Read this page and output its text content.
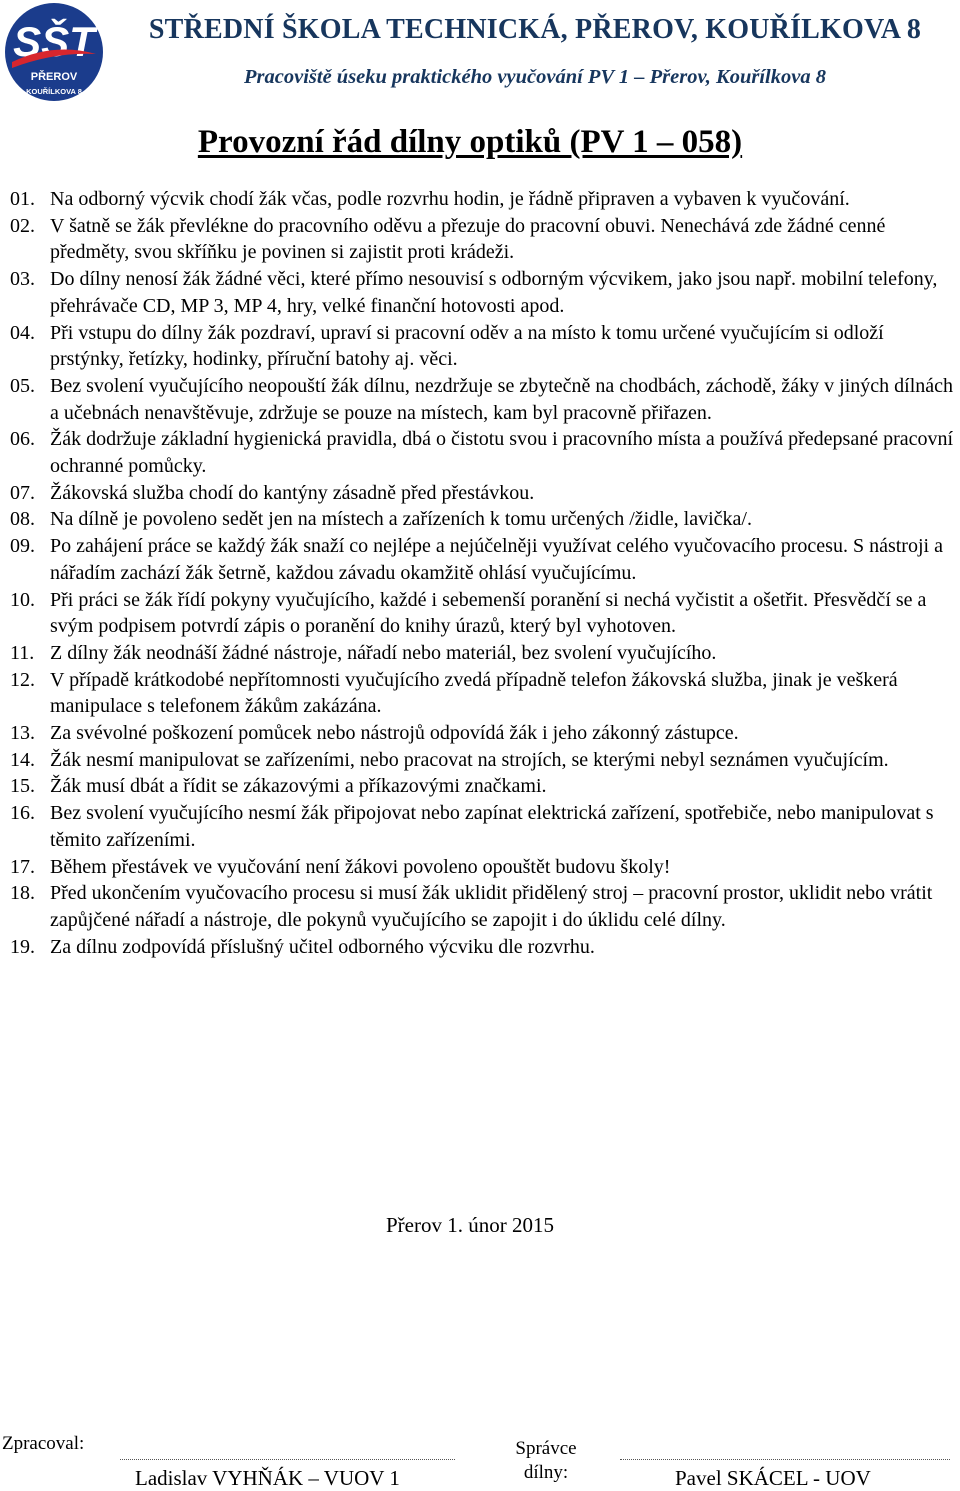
SŠT
PŘEROV
KOUŘÍLKOVA 8
STŘEDNÍ ŠKOLA TECHNICKÁ, PŘEROV, KOUŘÍLKOVA 8

Pracoviště úseku praktického vyučování PV 1 – Přerov, Kouřílkova 8

Provozní řád dílny optiků (PV 1 – 058)
01. Na odborný výcvik chodí žák včas, podle rozvrhu hodin, je řádně připraven a vybaven k vyučování.
02. V šatně se žák převlékne do pracovního oděvu a přezuje do pracovní obuvi. Nenechává zde žádné cenné předměty, svou skříňku je povinen si zajistit proti krádeži.
03. Do dílny nenosí žák žádné věci, které přímo nesouvisí s odborným výcvikem, jako jsou např. mobilní telefony, přehrávače CD, MP 3, MP 4, hry, velké finanční hotovosti apod.
04. Při vstupu do dílny žák pozdraví, upraví si pracovní oděv a na místo k tomu určené vyučujícím si odloží prstýnky, řetízky, hodinky, příruční batohy aj. věci.
05. Bez svolení vyučujícího neopouští žák dílnu, nezdržuje se zbytečně na chodbách, záchodě, žáky v jiných dílnách a učebnách nenavštěvuje, zdržuje se pouze na místech, kam byl pracovně přiřazen.
06. Žák dodržuje základní hygienická pravidla, dbá o čistotu svou i pracovního místa a používá předepsané pracovní ochranné pomůcky.
07. Žákovská služba chodí do kantýny zásadně před přestávkou.
08. Na dílně je povoleno sedět jen na místech a zařízeních k tomu určených /židle, lavička/.
09. Po zahájení práce se každý žák snaží co nejlépe a nejúčelněji využívat celého vyučovacího procesu. S nástroji a nářadím zachází žák šetrně, každou závadu okamžitě ohlásí vyučujícímu.
10. Při práci se žák řídí pokyny vyučujícího, každé i sebemenší poranění si nechá vyčistit a ošetřit. Přesvědčí se a svým podpisem potvrdí zápis o poranění do knihy úrazů, který byl vyhotoven.
11. Z dílny žák neodnáší žádné nástroje, nářadí nebo materiál, bez svolení vyučujícího.
12. V případě krátkodobé nepřítomnosti vyučujícího zvedá případně telefon žákovská služba, jinak je veškerá manipulace s telefonem žákům zakázána.
13. Za svévolné poškození pomůcek nebo nástrojů odpovídá žák i jeho zákonný zástupce.
14. Žák nesmí manipulovat se zařízeními, nebo pracovat na strojích, se kterými nebyl seznámen vyučujícím.
15. Žák musí dbát a řídit se zákazovými a příkazovými značkami.
16. Bez svolení vyučujícího nesmí žák připojovat nebo zapínat elektrická zařízení, spotřebiče, nebo manipulovat s těmito zařízeními.
17. Během přestávek ve vyučování není žákovi povoleno opouštět budovu školy!
18. Před ukončením vyučovacího procesu si musí žák uklidit přidělený stroj – pracovní prostor, uklidit nebo vrátit zapůjčené nářadí a nástroje, dle pokynů vyučujícího se zapojit i do úklidu celé dílny.
19. Za dílnu zodpovídá příslušný učitel odborného výcviku dle rozvrhu.

Přerov 1. únor 2015

Zpracoval:

Ladislav VYHŇÁK – VUOV 1

Správce

dílny:	Pavel SKÁCEL - UOV
